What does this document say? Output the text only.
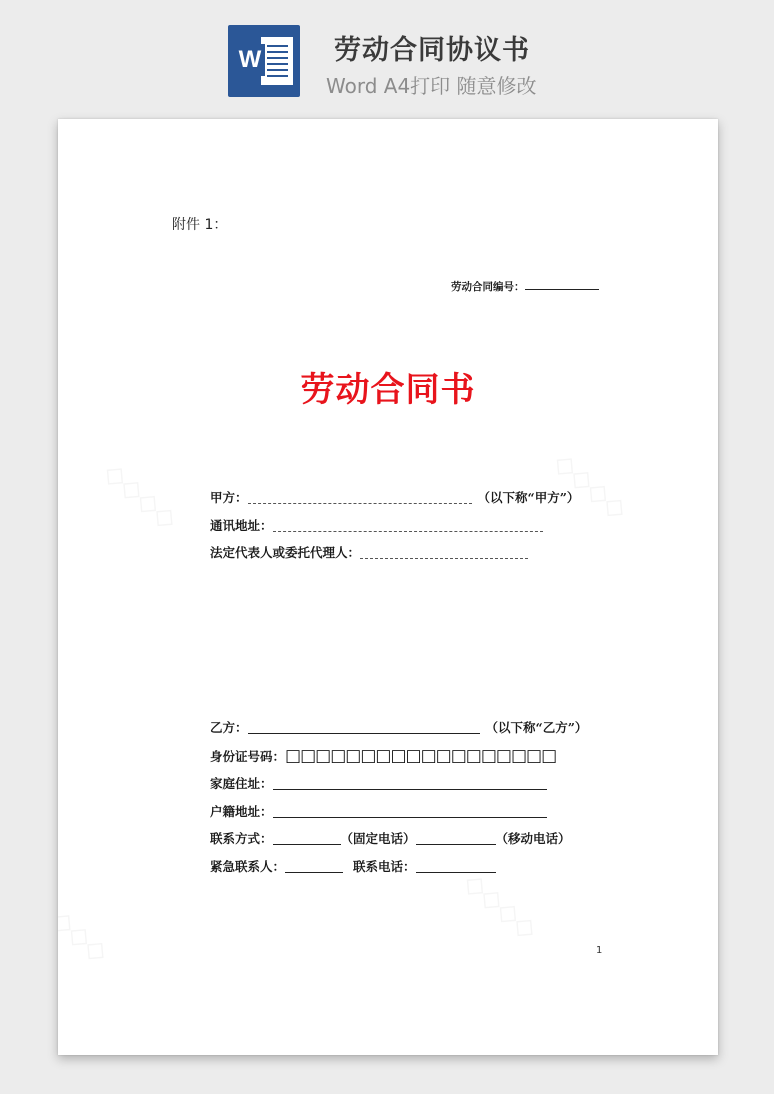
W	劳动合同协议书
Word A4打印 随意修改
附件 1：
劳动合同编号：
劳动合同书
甲方：	（以下称“甲方”）
通讯地址：
法定代表人或委托代理人：
乙方：	（以下称“乙方”）
身份证号码：□□□□□□□□□□□□□□□□□□
家庭住址：
户籍地址：
联系方式：	（固定电话）	（移动电话）
紧急联系人：	联系电话：
1
